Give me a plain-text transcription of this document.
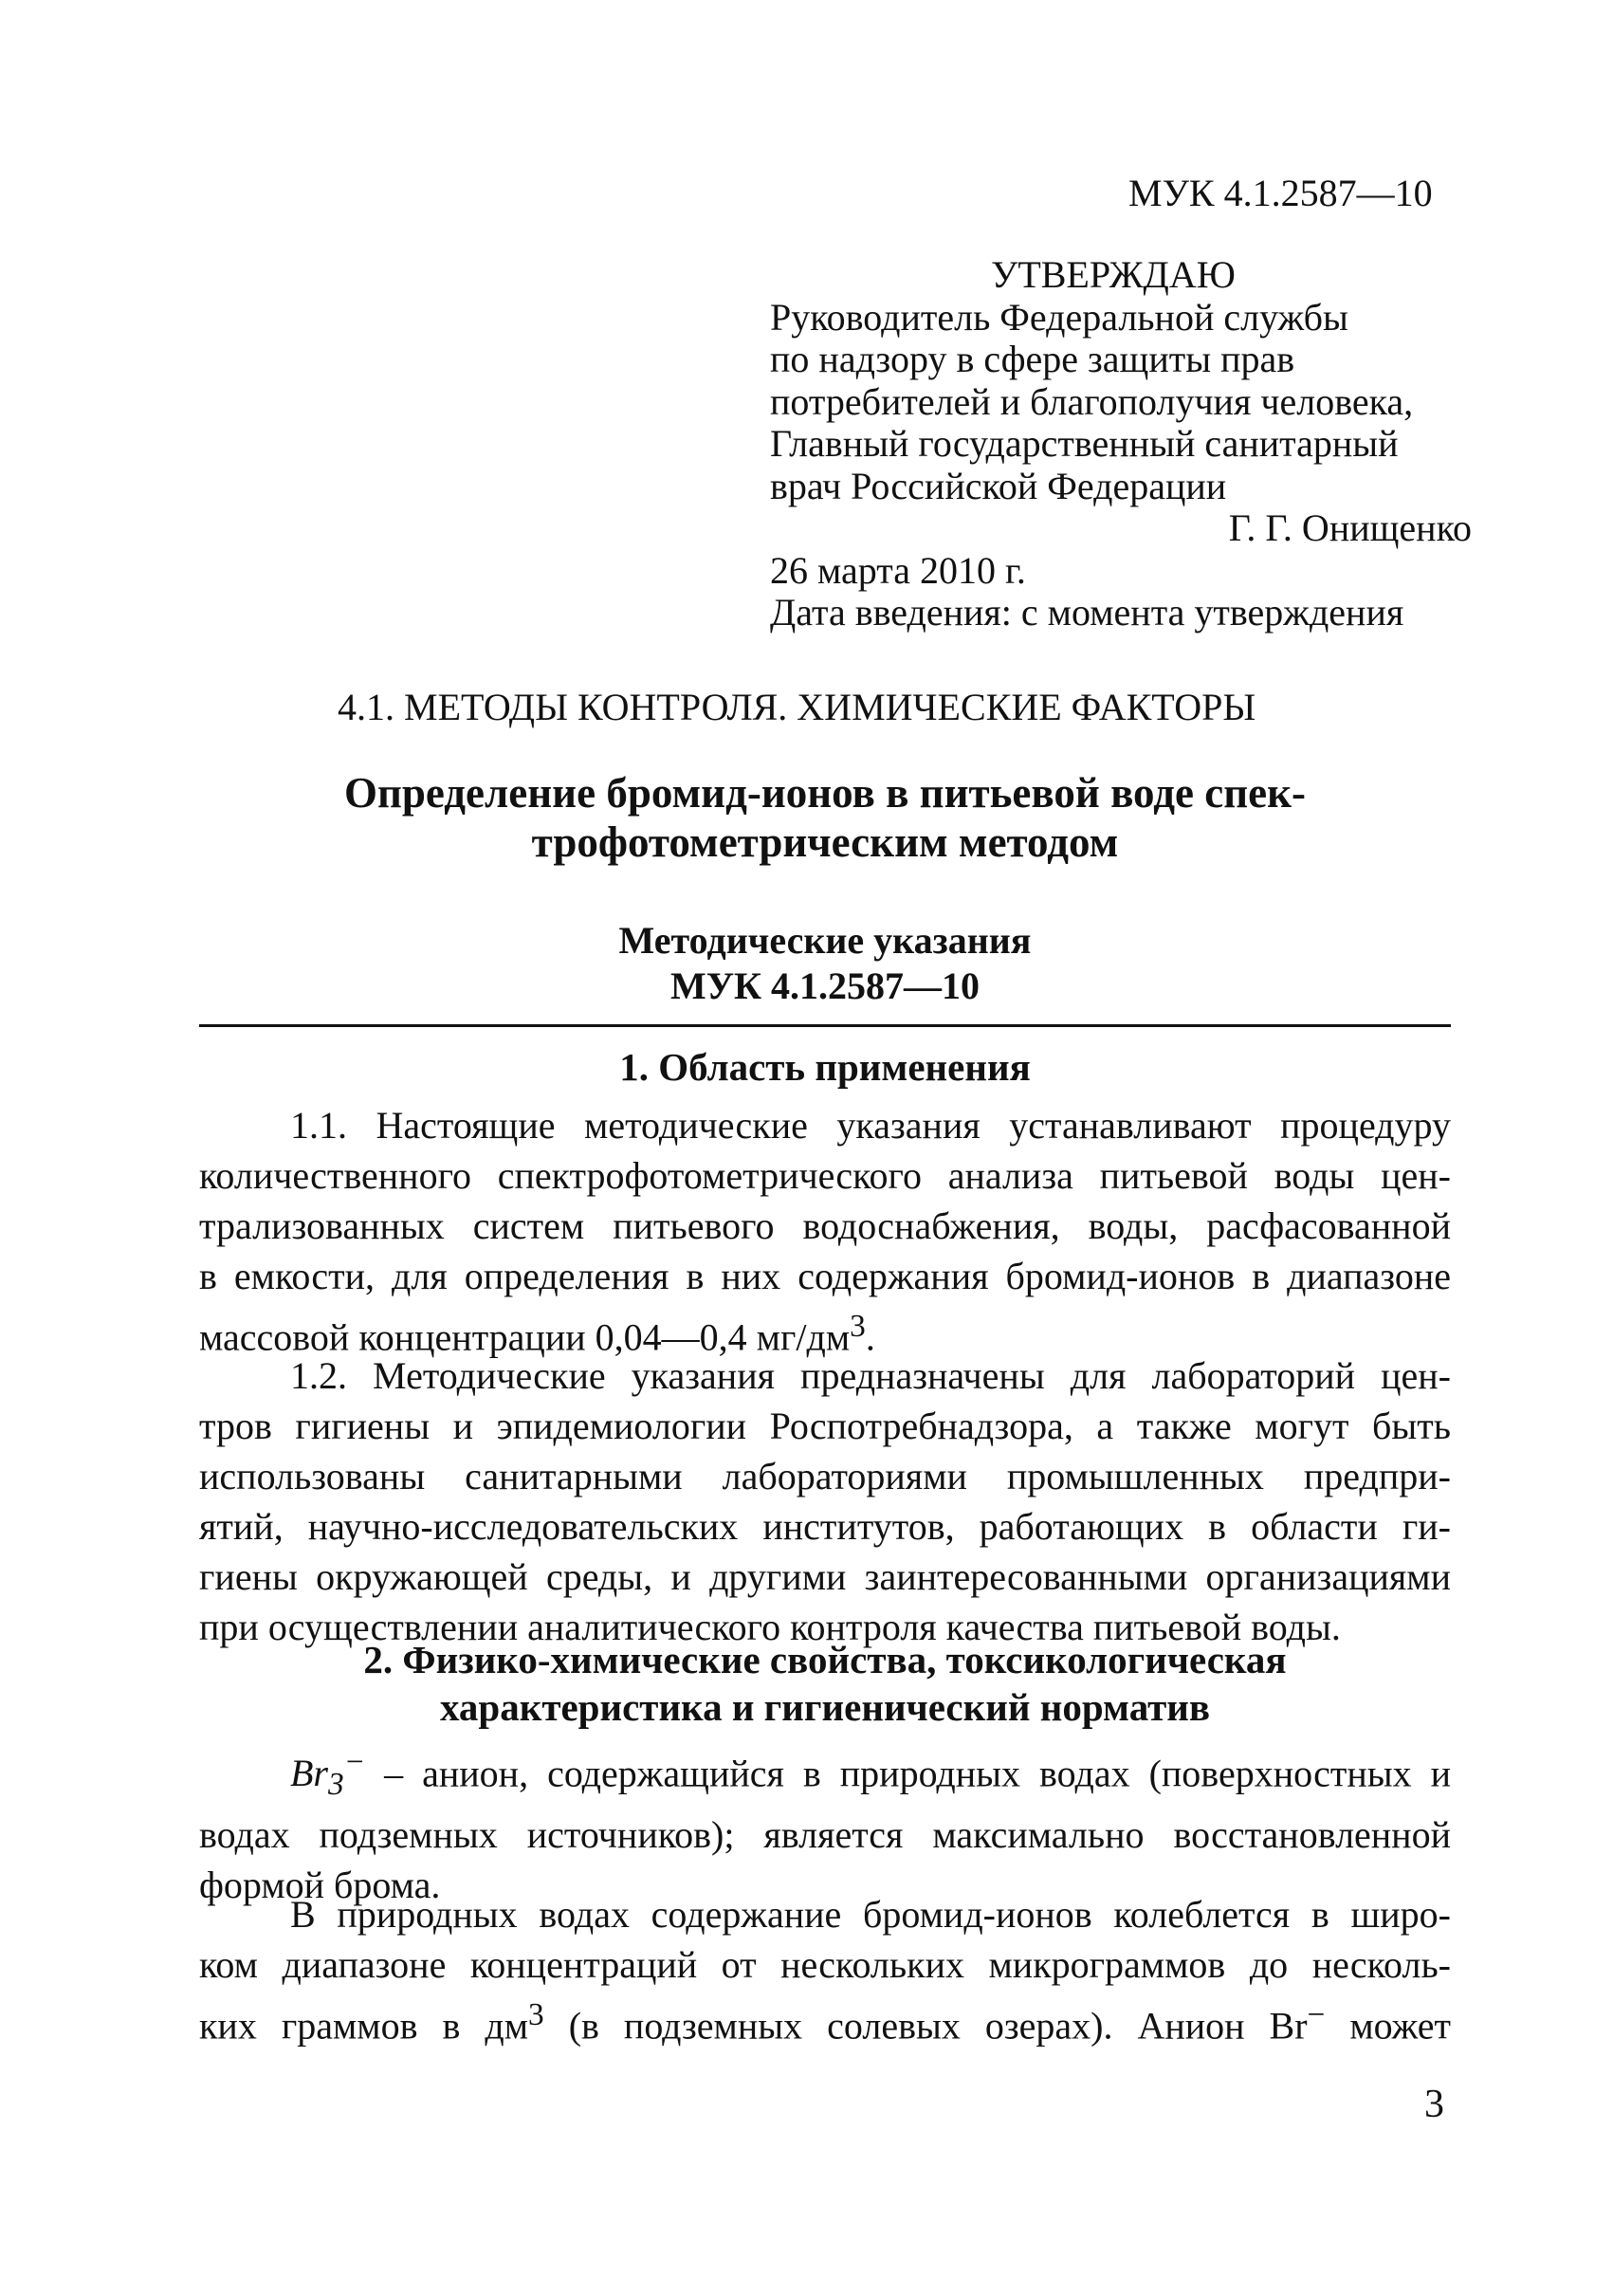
МУК 4.1.2587—10
УТВЕРЖДАЮ
Руководитель Федеральной службы
по надзору в сфере защиты прав
потребителей и благополучия человека,
Главный государственный санитарный
врач Российской Федерации
Г. Г. Онищенко
26 марта 2010 г.
Дата введения: с момента утверждения
4.1. МЕТОДЫ КОНТРОЛЯ. ХИМИЧЕСКИЕ ФАКТОРЫ
Определение бромид-ионов в питьевой воде спек-
трофотометрическим методом
Методические указания
МУК 4.1.2587—10
1. Область применения
1.1. Настоящие методические указания устанавливают процедуру
количественного спектрофотометрического анализа питьевой воды цен-
трализованных систем питьевого водоснабжения, воды, расфасованной
в емкости, для определения в них содержания бромид-ионов в диапазоне
массовой концентрации 0,04—0,4 $мг/дм^3$.
1.2. Методические указания предназначены для лабораторий цен-
тров гигиены и эпидемиологии Роспотребнадзора, а также могут быть
использованы санитарными лабораториями промышленных предпри-
ятий, научно-исследовательских институтов, работающих в области ги-
гиены окружающей среды, и другими заинтересованными организациями
при осуществлении аналитического контроля качества питьевой воды.
2. Физико-химические свойства, токсикологическая
характеристика и гигиенический норматив
$Br_3^-$ – анион, содержащийся в природных водах (поверхностных и
водах подземных источников); является максимально восстановленной
формой брома.
В природных водах содержание бромид-ионов колеблется в широ-
ком диапазоне концентраций от нескольких микрограммов до несколь-
ких граммов в $дм^3$ (в подземных солевых озерах). Анион Br− может
3
